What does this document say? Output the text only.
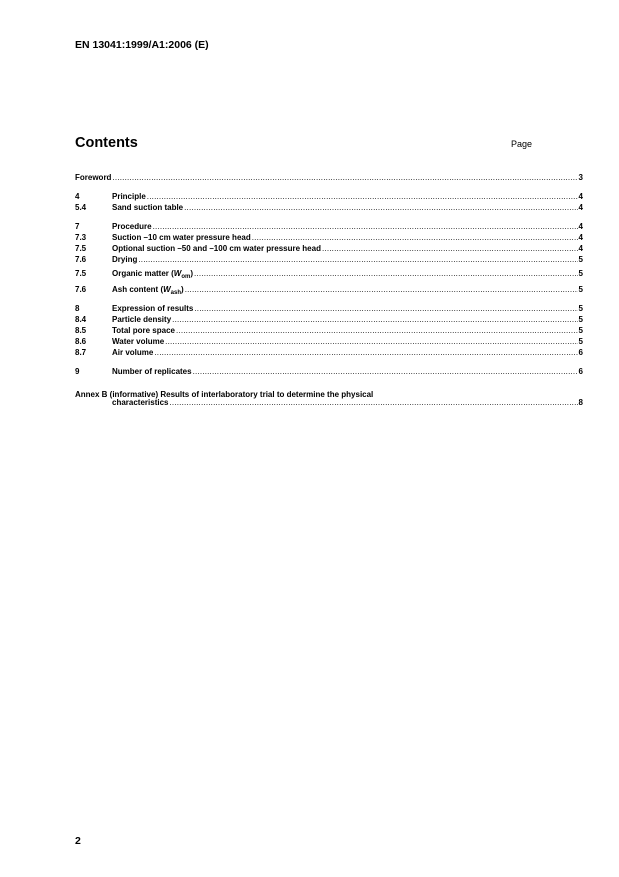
EN 13041:1999/A1:2006 (E)
Contents	Page
Foreword .....	3
4	Principle .....	4
5.4	Sand suction table .....	4
7	Procedure .....	4
7.3	Suction –10 cm water pressure head .....	4
7.5	Optional suction –50 and –100 cm water pressure head .....	4
7.6	Drying .....	5
7.5	Organic matter $(W_{om})$ .....	5
7.6	Ash content $(W_{ash})$ .....	5
8	Expression of results .....	5
8.4	Particle density .....	5
8.5	Total pore space .....	5
8.6	Water volume .....	5
8.7	Air volume .....	6
9	Number of replicates .....	6
Annex B (informative) Results of interlaboratory trial to determine the physical
characteristics .....	8
2
